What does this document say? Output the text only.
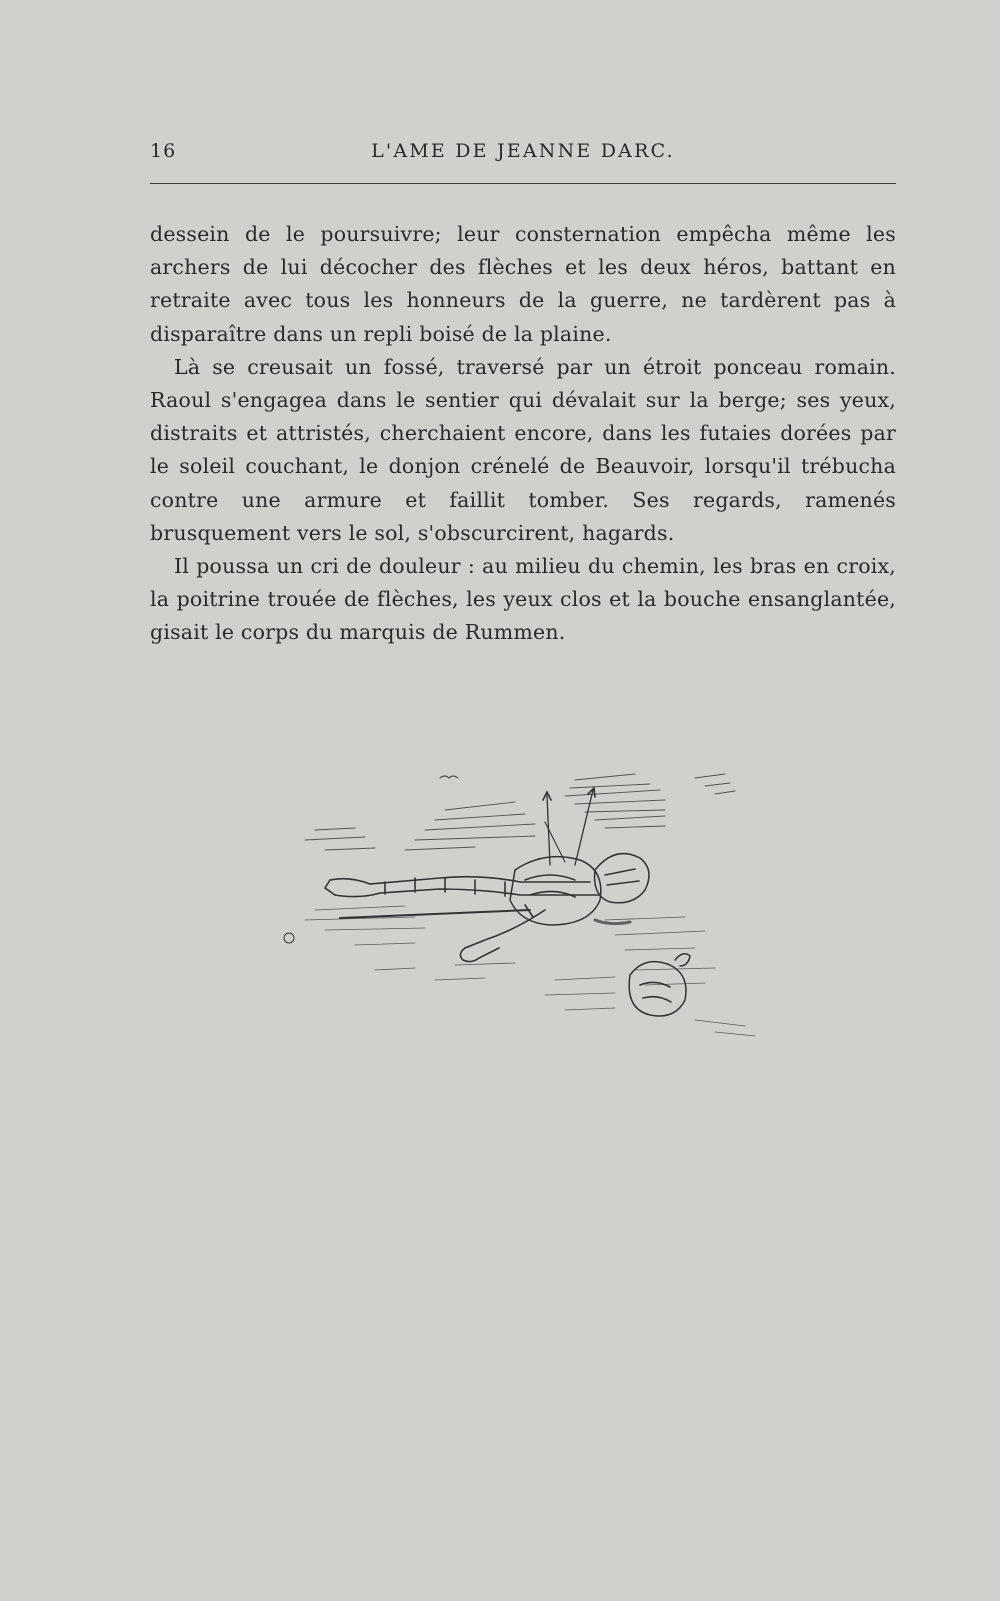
16	L'AME DE JEANNE DARC.

dessein de le poursuivre; leur consternation empêcha même les archers de lui décocher des flèches et les deux héros, battant en retraite avec tous les honneurs de la guerre, ne tardèrent pas à disparaître dans un repli boisé de la plaine.

Là se creusait un fossé, traversé par un étroit ponceau romain. Raoul s'engagea dans le sentier qui dévalait sur la berge; ses yeux, distraits et attristés, cherchaient encore, dans les futaies dorées par le soleil couchant, le donjon crénelé de Beauvoir, lorsqu'il trébucha contre une armure et faillit tomber. Ses regards, ramenés brusquement vers le sol, s'obscurcirent, hagards.

Il poussa un cri de douleur : au milieu du chemin, les bras en croix, la poitrine trouée de flèches, les yeux clos et la bouche ensanglantée, gisait le corps du marquis de Rummen.
